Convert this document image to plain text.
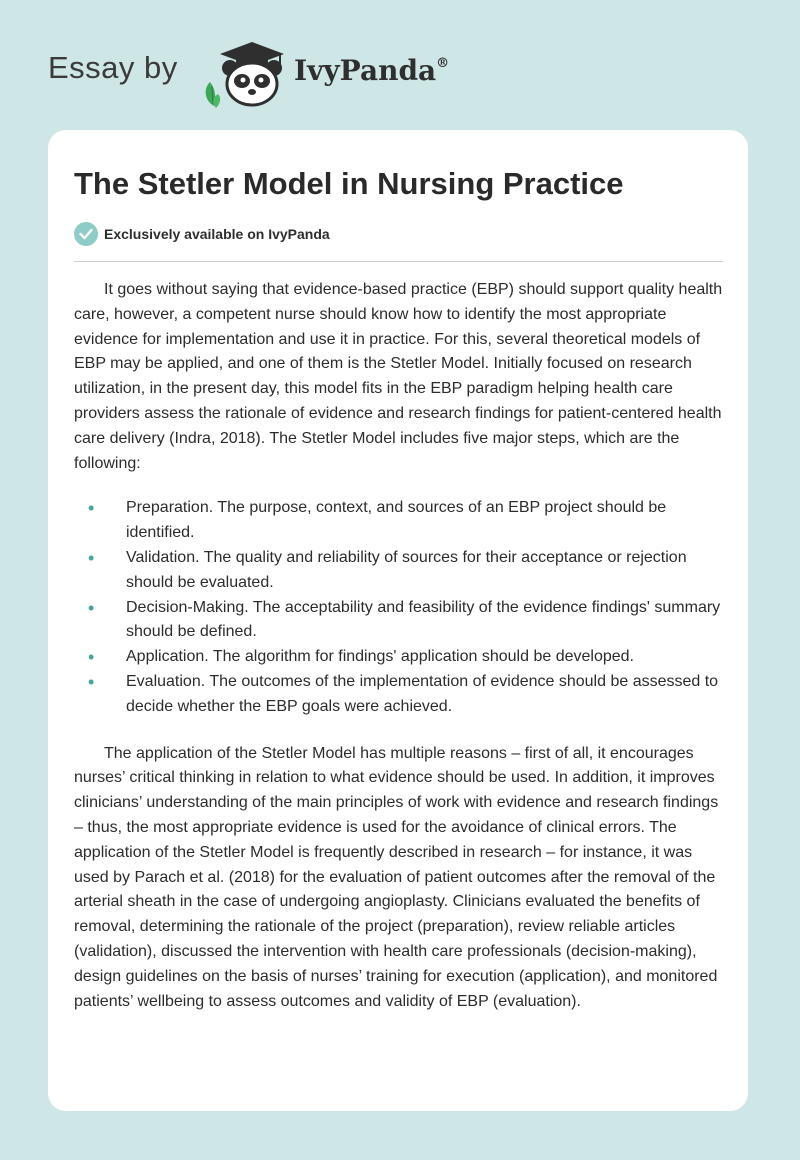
Essay by	IvyPanda®
The Stetler Model in Nursing Practice
Exclusively available on IvyPanda

It goes without saying that evidence-based practice (EBP) should support quality health care, however, a competent nurse should know how to identify the most appropriate evidence for implementation and use it in practice. For this, several theoretical models of EBP may be applied, and one of them is the Stetler Model. Initially focused on research utilization, in the present day, this model fits in the EBP paradigm helping health care providers assess the rationale of evidence and research findings for patient-centered health care delivery (Indra, 2018). The Stetler Model includes five major steps, which are the following:

• Preparation. The purpose, context, and sources of an EBP project should be identified.
• Validation. The quality and reliability of sources for their acceptance or rejection should be evaluated.
• Decision-Making. The acceptability and feasibility of the evidence findings' summary should be defined.
• Application. The algorithm for findings' application should be developed.
• Evaluation. The outcomes of the implementation of evidence should be assessed to decide whether the EBP goals were achieved.

The application of the Stetler Model has multiple reasons – first of all, it encourages nurses’ critical thinking in relation to what evidence should be used. In addition, it improves clinicians’ understanding of the main principles of work with evidence and research findings – thus, the most appropriate evidence is used for the avoidance of clinical errors. The application of the Stetler Model is frequently described in research – for instance, it was used by Parach et al. (2018) for the evaluation of patient outcomes after the removal of the arterial sheath in the case of undergoing angioplasty. Clinicians evaluated the benefits of removal, determining the rationale of the project (preparation), review reliable articles (validation), discussed the intervention with health care professionals (decision-making), design guidelines on the basis of nurses’ training for execution (application), and monitored patients’ wellbeing to assess outcomes and validity of EBP (evaluation).
